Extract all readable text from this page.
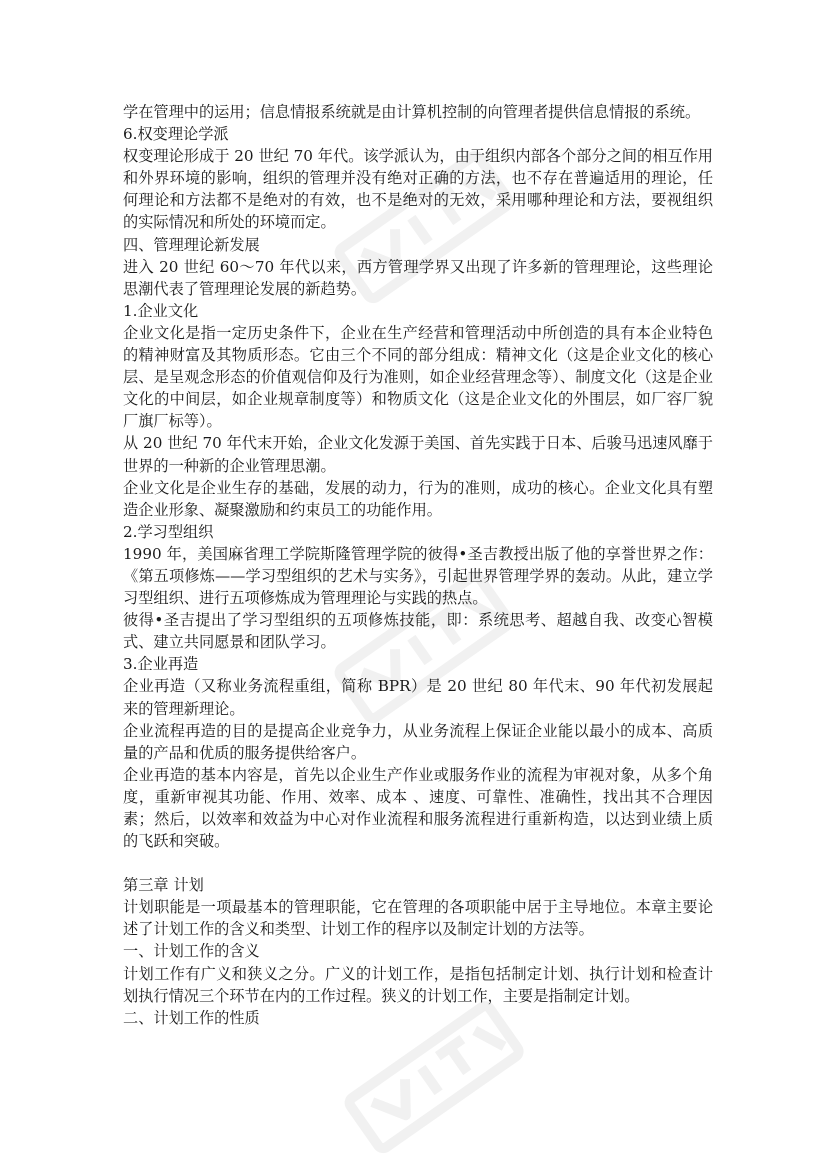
学在管理中的运用；信息情报系统就是由计算机控制的向管理者提供信息情报的系统。

6.权变理论学派

权变理论形成于 20 世纪 70 年代。该学派认为，由于组织内部各个部分之间的相互作用和外界环境的影响，组织的管理并没有绝对正确的方法，也不存在普遍适用的理论，任何理论和方法都不是绝对的有效，也不是绝对的无效，采用哪种理论和方法，要视组织的实际情况和所处的环境而定。

四、管理理论新发展

进入 20 世纪 60～70 年代以来，西方管理学界又出现了许多新的管理理论，这些理论思潮代表了管理理论发展的新趋势。

1.企业文化

企业文化是指一定历史条件下，企业在生产经营和管理活动中所创造的具有本企业特色的精神财富及其物质形态。它由三个不同的部分组成：精神文化（这是企业文化的核心层、是呈观念形态的价值观信仰及行为准则，如企业经营理念等）、制度文化（这是企业文化的中间层，如企业规章制度等）和物质文化（这是企业文化的外围层，如厂容厂貌厂旗厂标等）。

从 20 世纪 70 年代末开始，企业文化发源于美国、首先实践于日本、后骏马迅速风靡于世界的一种新的企业管理思潮。

企业文化是企业生存的基础，发展的动力，行为的准则，成功的核心。企业文化具有塑造企业形象、凝聚激励和约束员工的功能作用。

2.学习型组织

1990 年，美国麻省理工学院斯隆管理学院的彼得•圣吉教授出版了他的享誉世界之作：《第五项修炼——学习型组织的艺术与实务》，引起世界管理学界的轰动。从此，建立学习型组织、进行五项修炼成为管理理论与实践的热点。

彼得•圣吉提出了学习型组织的五项修炼技能，即：系统思考、超越自我、改变心智模式、建立共同愿景和团队学习。

3.企业再造

企业再造（又称业务流程重组，简称 BPR）是 20 世纪 80 年代末、90 年代初发展起来的管理新理论。

企业流程再造的目的是提高企业竞争力，从业务流程上保证企业能以最小的成本、高质量的产品和优质的服务提供给客户。

企业再造的基本内容是，首先以企业生产作业或服务作业的流程为审视对象，从多个角度，重新审视其功能、作用、效率、成本 、速度、可靠性、准确性，找出其不合理因素；然后，以效率和效益为中心对作业流程和服务流程进行重新构造，以达到业绩上质的飞跃和突破。

第三章 计划

计划职能是一项最基本的管理职能，它在管理的各项职能中居于主导地位。本章主要论述了计划工作的含义和类型、计划工作的程序以及制定计划的方法等。

一、计划工作的含义

计划工作有广义和狭义之分。广义的计划工作，是指包括制定计划、执行计划和检查计划执行情况三个环节在内的工作过程。狭义的计划工作，主要是指制定计划。

二、计划工作的性质
